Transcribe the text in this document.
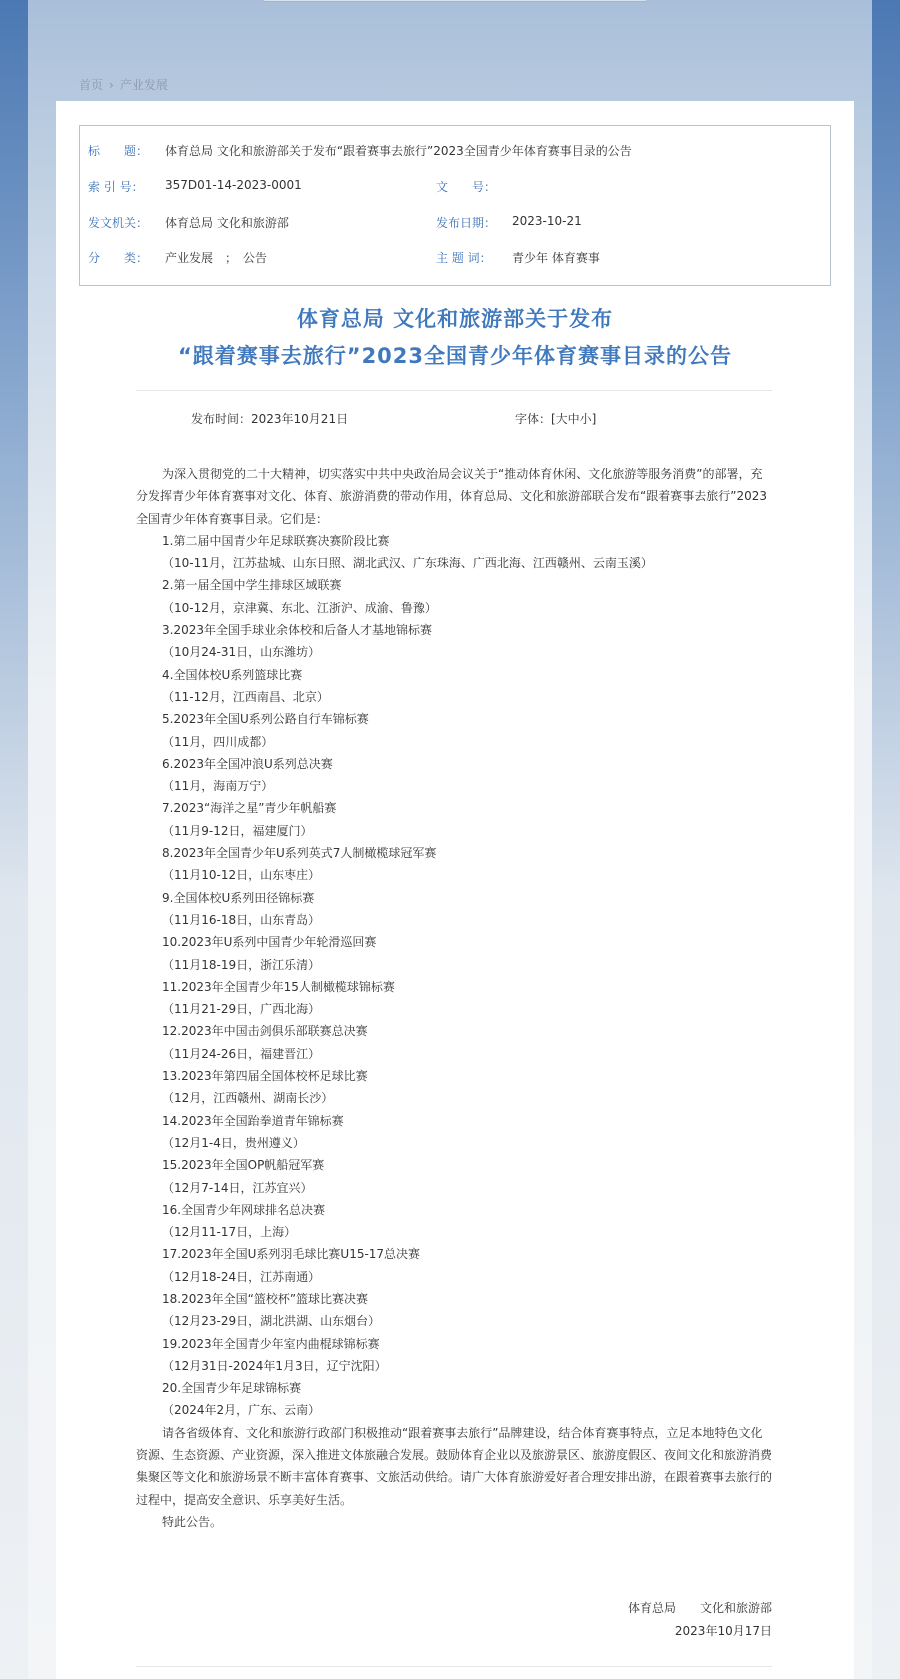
首页 › 产业发展
标　　题： 体育总局 文化和旅游部关于发布“跟着赛事去旅行”2023全国青少年体育赛事目录的公告
索 引 号： 357D01-14-2023-0001	文　　号：
发文机关： 体育总局 文化和旅游部	发布日期： 2023-10-21
分　　类： 产业发展　；　公告	主 题 词： 青少年 体育赛事
体育总局 文化和旅游部关于发布
“跟着赛事去旅行”2023全国青少年体育赛事目录的公告
发布时间：2023年10月21日	字体：[大中小]

为深入贯彻党的二十大精神，切实落实中共中央政治局会议关于“推动体育休闲、文化旅游等服务消费”的部署，充分发挥青少年体育赛事对文化、体育、旅游消费的带动作用，体育总局、文化和旅游部联合发布“跟着赛事去旅行”2023全国青少年体育赛事目录。它们是：

1.第二届中国青少年足球联赛决赛阶段比赛

（10-11月，江苏盐城、山东日照、湖北武汉、广东珠海、广西北海、江西赣州、云南玉溪）

2.第一届全国中学生排球区域联赛

（10-12月，京津冀、东北、江浙沪、成渝、鲁豫）

3.2023年全国手球业余体校和后备人才基地锦标赛

（10月24-31日，山东潍坊）

4.全国体校U系列篮球比赛

（11-12月，江西南昌、北京）

5.2023年全国U系列公路自行车锦标赛

（11月，四川成都）

6.2023年全国冲浪U系列总决赛

（11月，海南万宁）

7.2023“海洋之星”青少年帆船赛

（11月9-12日，福建厦门）

8.2023年全国青少年U系列英式7人制橄榄球冠军赛

（11月10-12日，山东枣庄）

9.全国体校U系列田径锦标赛

（11月16-18日，山东青岛）

10.2023年U系列中国青少年轮滑巡回赛

（11月18-19日，浙江乐清）

11.2023年全国青少年15人制橄榄球锦标赛

（11月21-29日，广西北海）

12.2023年中国击剑俱乐部联赛总决赛

（11月24-26日，福建晋江）

13.2023年第四届全国体校杯足球比赛

（12月，江西赣州、湖南长沙）

14.2023年全国跆拳道青年锦标赛

（12月1-4日，贵州遵义）

15.2023年全国OP帆船冠军赛

（12月7-14日，江苏宜兴）

16.全国青少年网球排名总决赛

（12月11-17日，上海）

17.2023年全国U系列羽毛球比赛U15-17总决赛

（12月18-24日，江苏南通）

18.2023年全国“篮校杯”篮球比赛决赛

（12月23-29日，湖北洪湖、山东烟台）

19.2023年全国青少年室内曲棍球锦标赛

（12月31日-2024年1月3日，辽宁沈阳）

20.全国青少年足球锦标赛

（2024年2月，广东、云南）

请各省级体育、文化和旅游行政部门积极推动“跟着赛事去旅行”品牌建设，结合体育赛事特点，立足本地特色文化资源、生态资源、产业资源，深入推进文体旅融合发展。鼓励体育企业以及旅游景区、旅游度假区、夜间文化和旅游消费集聚区等文化和旅游场景不断丰富体育赛事、文旅活动供给。请广大体育旅游爱好者合理安排出游，在跟着赛事去旅行的过程中，提高安全意识、乐享美好生活。

特此公告。

体育总局　　文化和旅游部
2023年10月17日
